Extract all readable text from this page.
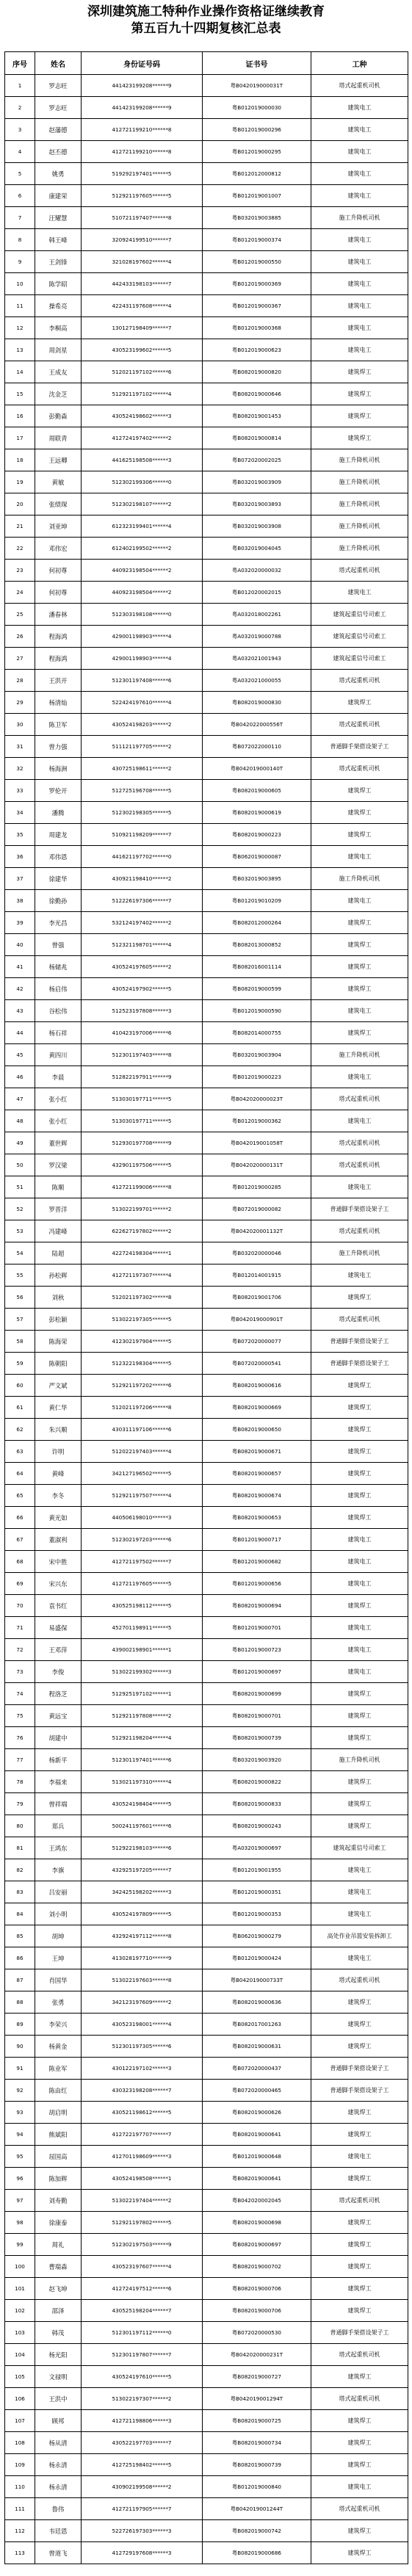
深圳建筑施工特种作业操作资格证继续教育
第五百九十四期复核汇总表
序号	姓名	身份证号码	证书号	工种
1	罗志旺	441423199208******9	粤B042019000031T	塔式起重机司机
2	罗志旺	441423199208******9	粤B012019000030	建筑电工
3	赵藩德	412721199210******8	粤B012019000296	建筑电工
4	赵丕德	412721199210******8	粤B012019000295	建筑电工
5	姚勇	519292197401******5	粤B012012000812	建筑电工
6	康建荣	512921197605******5	粤B012019001007	建筑电工
7	汪耀慧	510721197407******8	粤B032019003885	施工升降机司机
8	韩王峰	320924199510******7	粤B012019000374	建筑电工
9	王剑锋	321028197602******4	粤B012019000550	建筑电工
10	陈学昭	442433198103******7	粤B012019000369	建筑电工
11	操希亮	422431197608******4	粤B012019000367	建筑电工
12	李桐高	130127198409******7	粤B012019000368	建筑电工
13	周剑星	430523199602******5	粤B012019000623	建筑电工
14	王成友	512021197102******6	粤B082019000820	建筑焊工
15	沈金芝	512921197102******4	粤B082019000646	建筑焊工
16	彭勤森	430524198602******3	粤B082019001453	建筑焊工
17	周联青	412724197402******2	粤B082019000814	建筑焊工
18	王远卿	441625198508******3	粤B072020002025	施工升降机司机
19	黄敏	512302199306******0	粤B032019003909	施工升降机司机
20	张绩琛	512302198107******2	粤B032019003893	施工升降机司机
21	刘亚坤	612323199401******4	粤B032019003908	施工升降机司机
22	邓伟宏	612402199502******2	粤B032019004045	施工升降机司机
23	何初尊	440923198504******2	粤A032020000032	塔式起重机司机
24	何初尊	440923198504******2	粤B012020002015	建筑电工
25	潘春林	512303198108******0	粤A032018002261	建筑起重信号司索工
26	程海鸿	429001198903******4	粤A032019000788	建筑起重信号司索工
27	程海鸿	429001198903******4	粤A032021001943	建筑起重信号司索工
28	王洪开	512301197408******6	粤A032021000055	塔式起重机司机
29	杨清灿	522424197610******4	粤B082019000830	建筑焊工
30	陈卫军	430524198203******2	粤B042022000556T	塔式起重机司机
31	曾力强	511121197705******2	粤B072022000110	普通脚手架搭设架子工
32	杨海洲	430725198611******2	粤B042019000140T	塔式起重机司机
33	罗伦开	512725196708******5	粤B082019000605	建筑焊工
34	潘腾	512302198305******5	粤B082019000619	建筑焊工
35	周建龙	510921198209******7	粤B082019000223	建筑焊工
36	邓伟恩	441621197702******0	粤B062019000087	建筑电工
37	徐建华	430921198410******2	粤B032019003895	施工升降机司机
38	徐勤孙	512226197306******7	粤B012019010209	建筑电工
39	李光昌	532124197402******2	粤B082012000264	建筑焊工
40	曾强	512321198701******4	粤B082013000852	建筑焊工
41	杨储兆	430524197605******2	粤B082016001114	建筑焊工
42	杨启伟	430524197902******5	粤B082019000599	建筑焊工
43	谷松伟	512523197808******3	粤B012019000590	建筑电工
44	杨石祥	410423197006******6	粤B082014000755	建筑焊工
45	黄四川	512301197403******8	粤B032019003904	施工升降机司机
46	李晨	512822197911******9	粤B012019000223	建筑电工
47	张小红	513030197711******5	粤B042020000023T	塔式起重机司机
48	张小红	513030197711******5	粤B012019000362	建筑电工
49	董世辉	512930197708******9	粤B042019001058T	塔式起重机司机
50	罗汉梁	432901197506******5	粤B042020000131T	塔式起重机司机
51	陈顺	412721199006******8	粤B012019000285	建筑电工
52	罗晋洋	513022199701******2	粤B072019000082	普通脚手架搭设架子工
53	冯建峰	622627197802******2	粤B042020001132T	塔式起重机司机
54	陆超	422724198304******1	粤B032020000046	施工升降机司机
55	孙松辉	412721197307******4	粤B012014001915	建筑电工
56	刘秋	512021197302******8	粤B082019001706	建筑焊工
57	彭松颖	513022197305******5	粤B042019000901T	塔式起重机司机
58	陈海荣	412302197904******5	粤B072020000077	普通脚手架搭设架子工
59	陈朝阳	512322198304******5	粤B072020000541	普通脚手架搭设架子工
60	严文斌	512921197202******6	粤B082019000616	建筑焊工
61	黄仁华	512021197206******8	粤B082019000669	建筑焊工
62	朱兴顺	430311197106******6	粤B082019000650	建筑焊工
63	许明	512022197403******4	粤B082019000671	建筑焊工
64	黄峰	342127196502******5	粤B082019000657	建筑焊工
65	李冬	512921197507******4	粤B082019000674	建筑焊工
66	黄光如	440506198010******3	粤B082019000653	建筑焊工
67	董淑利	512302197203******6	粤B012019000717	建筑电工
68	宋中胜	412721197502******7	粤B012019000682	建筑电工
69	宋兴东	412721197605******5	粤B012019000656	建筑电工
70	袁书红	430525198112******5	粤B082019000694	建筑焊工
71	易盛保	452701198911******5	粤B012019000701	建筑电工
72	王邓萍	439002198901******1	粤B012019000723	建筑电工
73	李俊	513022199302******3	粤B012019000697	建筑电工
74	程洛芝	512925197102******1	粤B082019000699	建筑焊工
75	黄远宝	512921197808******2	粤B082019000701	建筑焊工
76	胡建中	512921198204******4	粤B082019000739	建筑焊工
77	杨新平	512301197401******6	粤B032019003920	施工升降机司机
78	李福来	513021197310******4	粤B082019000822	建筑焊工
79	曾祥端	430524198404******5	粤B082019000833	建筑焊工
80	郑兵	500241197601******6	粤B082019000243	建筑焊工
81	王鸿东	512922198103******6	粤A032019000697	建筑起重信号司索工
82	李旗	432925197205******7	粤B012019001955	建筑电工
83	吕安丽	342425198202******3	粤B012019000351	建筑电工
84	刘小明	430524197809******5	粤B012019000353	建筑电工
85	胡坤	432924197112******8	粤B062019000279	高处作业吊篮安装拆卸工
86	王坤	413028197710******9	粤B012019000424	建筑电工
87	肖国华	513022197603******8	粤B042019000733T	塔式起重机司机
88	张勇	342123197609******2	粤B082019000636	建筑焊工
89	李荣兴	430523198001******4	粤B082017001263	建筑焊工
90	杨黄金	512301197305******6	粤B082019000631	建筑焊工
91	陈业军	430122197102******3	粤B072020000437	普通脚手架搭设架子工
92	陈由红	430323198208******7	粤B072020000465	普通脚手架搭设架子工
93	胡启明	430521198612******5	粤B082019000626	建筑焊工
94	熊斌阳	412722197707******7	粤B082019000641	建筑焊工
95	屈国高	412701198609******3	粤B012019000648	建筑电工
96	陈加辉	430524198508******1	粤B082019000641	建筑焊工
97	刘寿勤	513022197404******2	粤B042020002045	塔式起重机司机
98	徐康泰	512921197802******5	粤B082019000698	建筑焊工
99	周礼	512302197503******9	粤B082019000697	建筑焊工
100	曹瑞森	430523197607******4	粤B082019000702	建筑焊工
101	赵飞坤	412724197512******6	粤B082019000706	建筑焊工
102	邵泽	430525198204******7	粤B082019000706	建筑焊工
103	韩茂	512301197112******0	粤B072020000530	普通脚手架搭设架子工
104	杨光阳	512301197807******7	粤B042020000231T	塔式起重机司机
105	文禄明	430524197610******5	粤B082019000727	建筑焊工
106	王洪中	513022197307******2	粤B042019001294T	塔式起重机司机
107	顾邦	412721198806******3	粤B082019000725	建筑焊工
108	杨从清	430522197703******7	粤B082019000734	建筑焊工
109	杨永清	412725198402******5	粤B082019000739	建筑焊工
110	杨永清	430902199508******2	粤B012019000840	建筑电工
111	鲁伟	412721197905******7	粤B042019001244T	塔式起重机司机
112	韦廷恩	522726197303******3	粤B082019000742	建筑焊工
113	曾道飞	412729197608******3	粤B082019000686	建筑焊工
